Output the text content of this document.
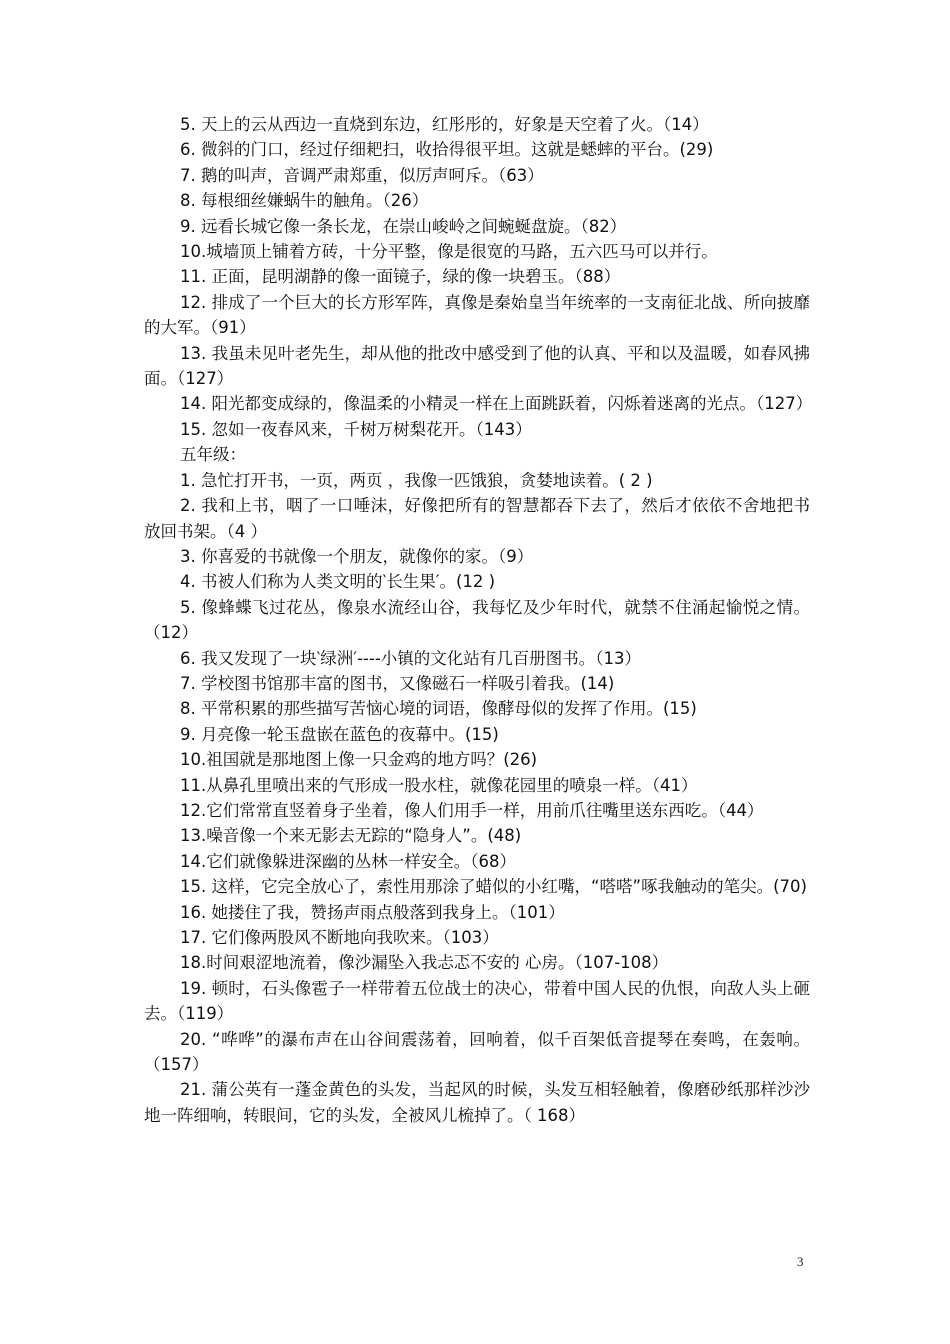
5. 天上的云从西边一直烧到东边，红彤彤的，好象是天空着了火。（14）

6. 微斜的门口，经过仔细耙扫，收拾得很平坦。这就是蟋蟀的平台。(29)

7. 鹅的叫声，音调严肃郑重，似厉声呵斥。（63）

8. 每根细丝嫌蜗牛的触角。（26）

9. 远看长城它像一条长龙，在崇山峻岭之间蜿蜒盘旋。（82）

10.城墙顶上铺着方砖，十分平整，像是很宽的马路，五六匹马可以并行。

11. 正面，昆明湖静的像一面镜子，绿的像一块碧玉。（88）

12. 排成了一个巨大的长方形军阵，真像是秦始皇当年统率的一支南征北战、所向披靡的大军。（91）

13. 我虽未见叶老先生，却从他的批改中感受到了他的认真、平和以及温暖，如春风拂面。（127）

14. 阳光都变成绿的，像温柔的小精灵一样在上面跳跃着，闪烁着迷离的光点。（127）

15. 忽如一夜春风来，千树万树梨花开。（143）

五年级：

1. 急忙打开书，一页，两页 ，我像一匹饿狼，贪婪地读着。( 2 )

2. 我和上书，咽了一口唾沫，好像把所有的智慧都吞下去了，然后才依依不舍地把书放回书架。（4 ）

3. 你喜爱的书就像一个朋友，就像你的家。（9）

4. 书被人们称为人类文明的‵长生果′。(12 )

5. 像蜂蝶飞过花丛，像泉水流经山谷，我每忆及少年时代，就禁不住涌起愉悦之情。（12）

6. 我又发现了一块‵绿洲′----小镇的文化站有几百册图书。（13）

7. 学校图书馆那丰富的图书，又像磁石一样吸引着我。(14)

8. 平常积累的那些描写苦恼心境的词语，像酵母似的发挥了作用。(15)

9. 月亮像一轮玉盘嵌在蓝色的夜幕中。(15)

10.祖国就是那地图上像一只金鸡的地方吗？(26)

11.从鼻孔里喷出来的气形成一股水柱，就像花园里的喷泉一样。（41）

12.它们常常直竖着身子坐着，像人们用手一样，用前爪往嘴里送东西吃。（44）

13.噪音像一个来无影去无踪的“隐身人”。(48)

14.它们就像躲进深幽的丛林一样安全。（68）

15. 这样，它完全放心了，索性用那涂了蜡似的小红嘴，“嗒嗒”啄我触动的笔尖。(70)

16. 她搂住了我，赞扬声雨点般落到我身上。（101）

17. 它们像两股风不断地向我吹来。（103）

18.时间艰涩地流着，像沙漏坠入我忐忑不安的 心房。（107-108）

19. 顿时，石头像雹子一样带着五位战士的决心，带着中国人民的仇恨，向敌人头上砸去。（119）

20. “哗哗”的瀑布声在山谷间震荡着，回响着，似千百架低音提琴在奏鸣，在轰响。（157）

21. 蒲公英有一蓬金黄色的头发，当起风的时候，头发互相轻触着，像磨砂纸那样沙沙地一阵细响，转眼间，它的头发，全被风儿梳掉了。（ 168）

3
